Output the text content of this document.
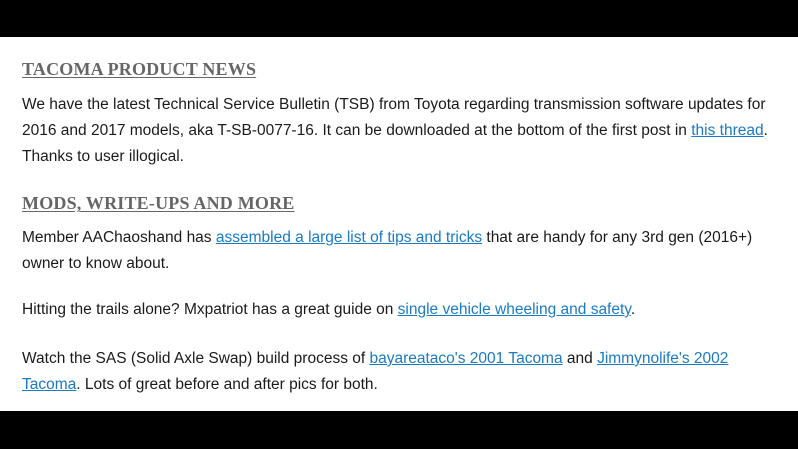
TACOMA PRODUCT NEWS
We have the latest Technical Service Bulletin (TSB) from Toyota regarding transmission software updates for 2016 and 2017 models, aka T-SB-0077-16. It can be downloaded at the bottom of the first post in this thread. Thanks to user illogical.
MODS, WRITE-UPS AND MORE
Member AAChaoshand has assembled a large list of tips and tricks that are handy for any 3rd gen (2016+) owner to know about.
Hitting the trails alone? Mxpatriot has a great guide on single vehicle wheeling and safety.
Watch the SAS (Solid Axle Swap) build process of bayareataco's 2001 Tacoma and Jimmynolife's 2002 Tacoma. Lots of great before and after pics for both.
